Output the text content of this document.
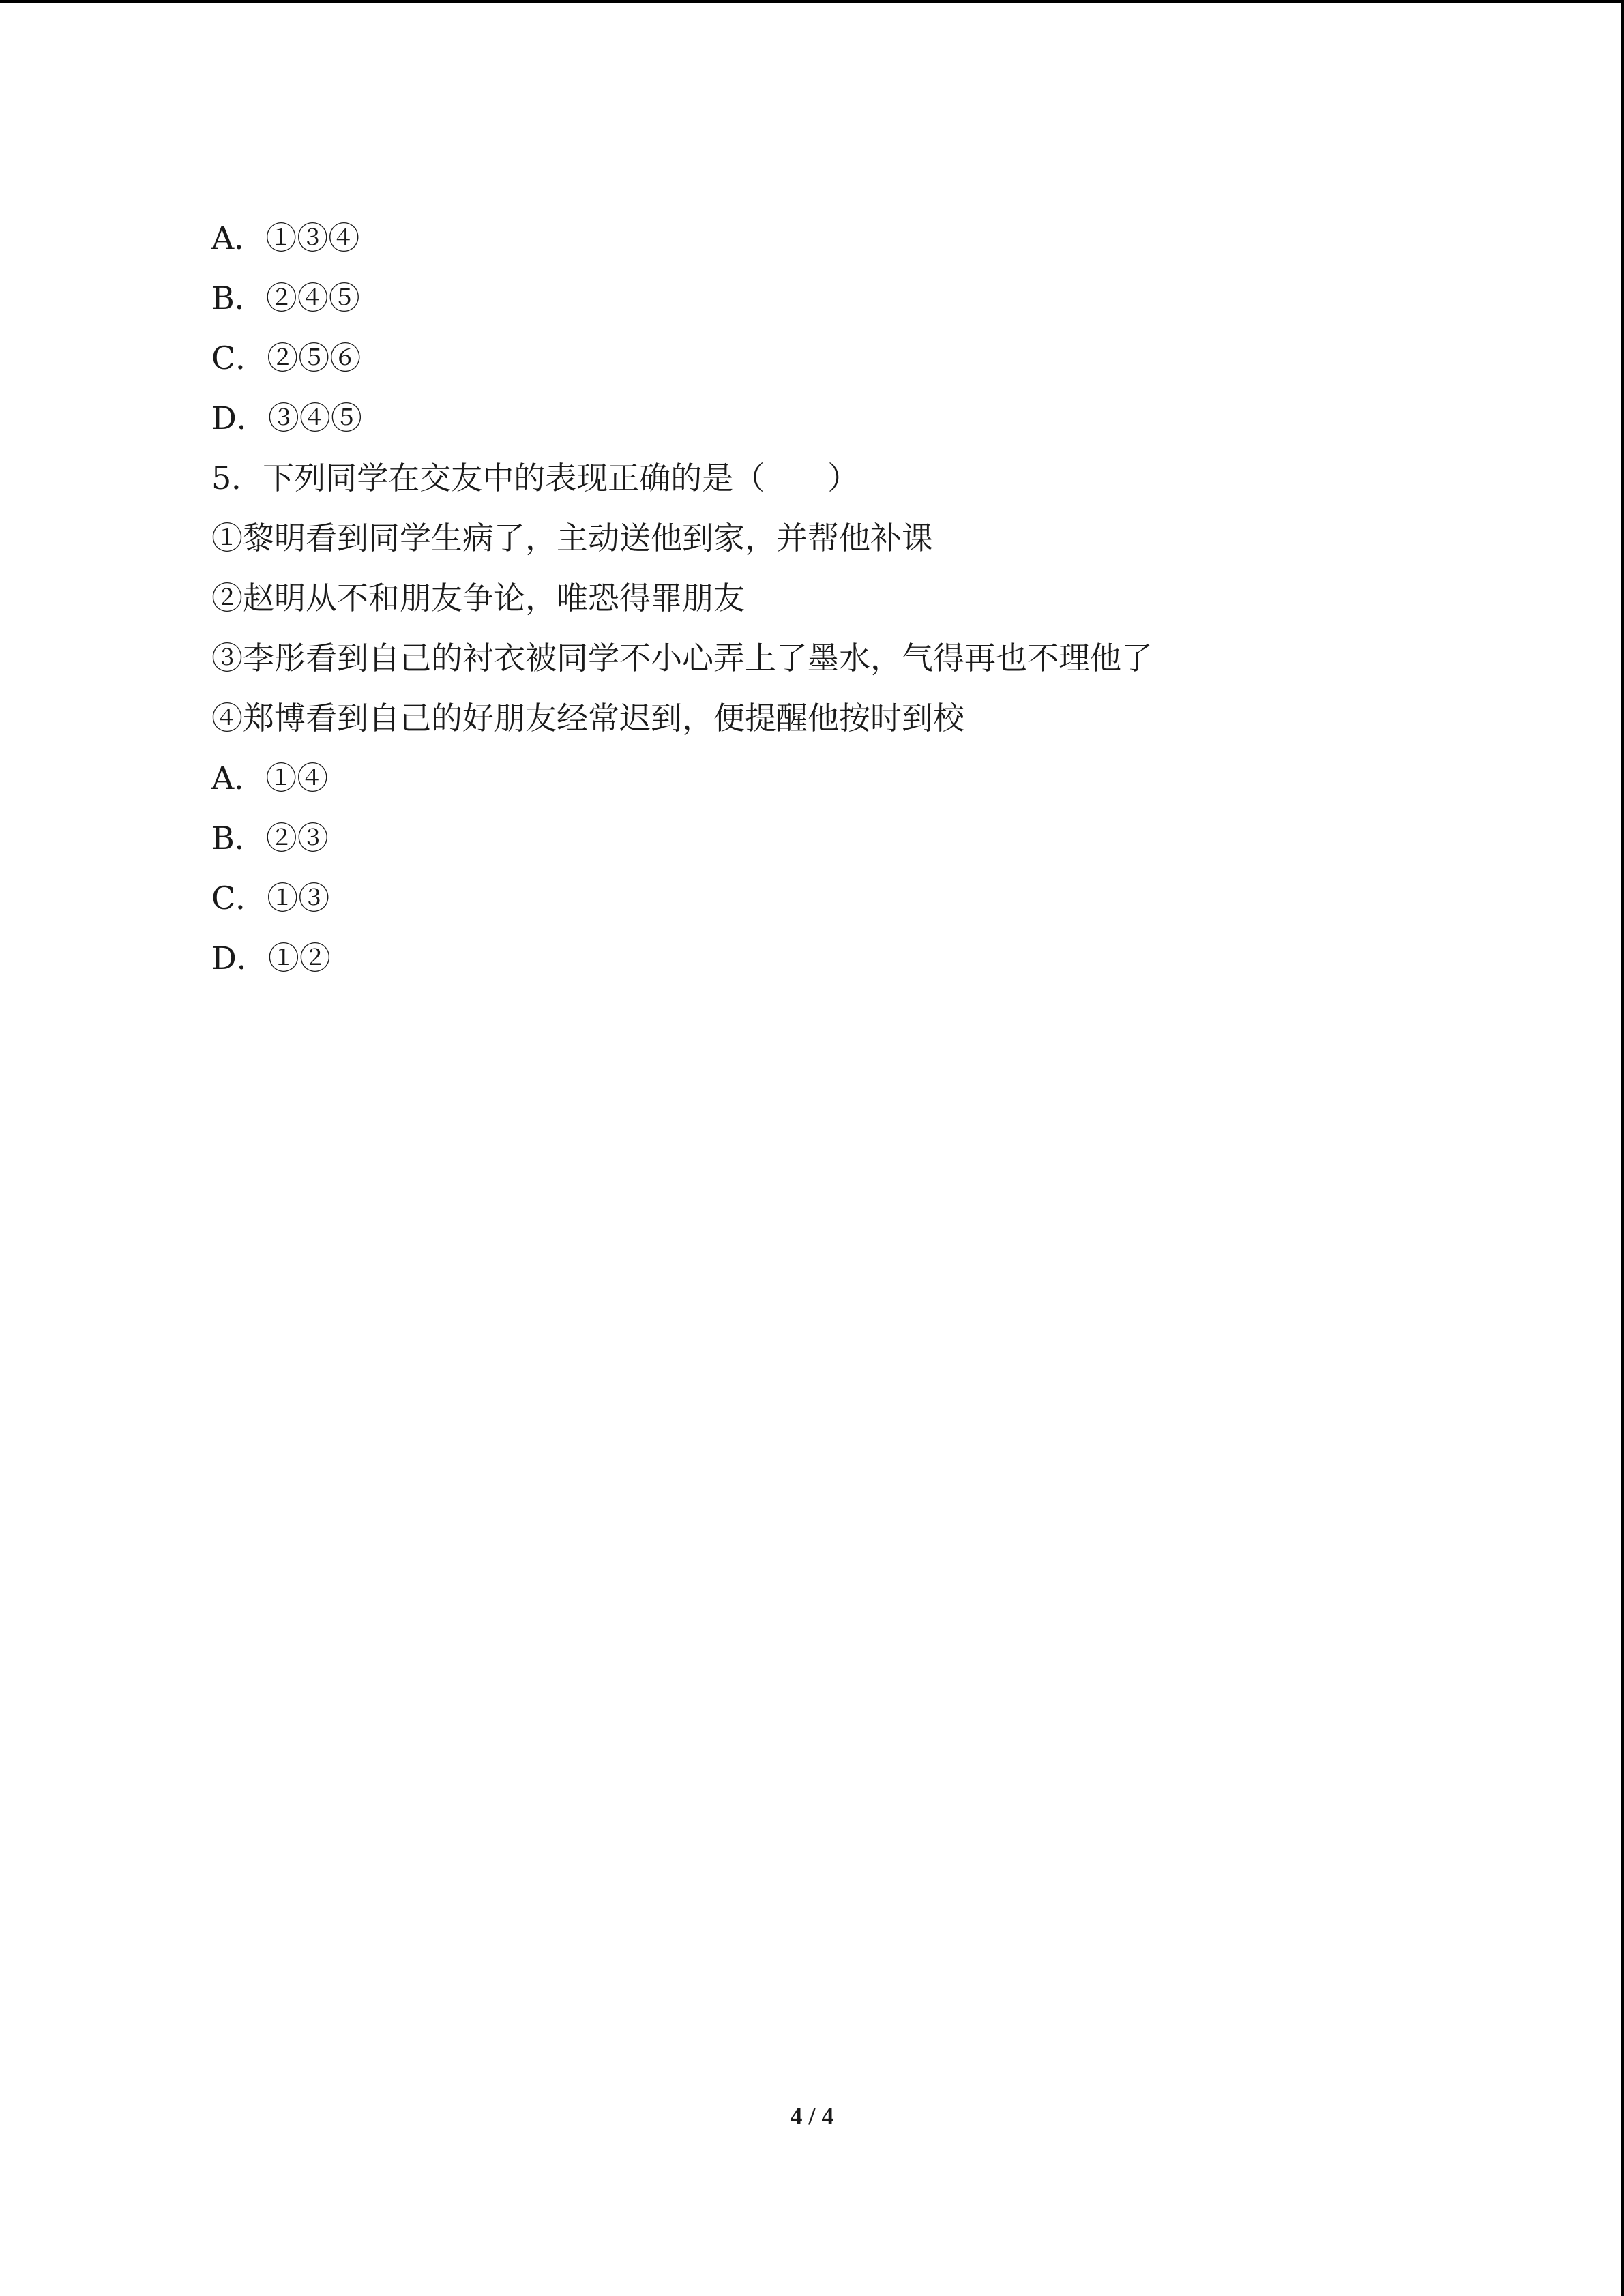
A．①③④
B．②④⑤
C．②⑤⑥
D．③④⑤
5．下列同学在交友中的表现正确的是（　　）
①黎明看到同学生病了，主动送他到家，并帮他补课
②赵明从不和朋友争论，唯恐得罪朋友
③李彤看到自己的衬衣被同学不小心弄上了墨水，气得再也不理他了
④郑博看到自己的好朋友经常迟到，便提醒他按时到校
A．①④
B．②③
C．①③
D．①②
4 / 4
